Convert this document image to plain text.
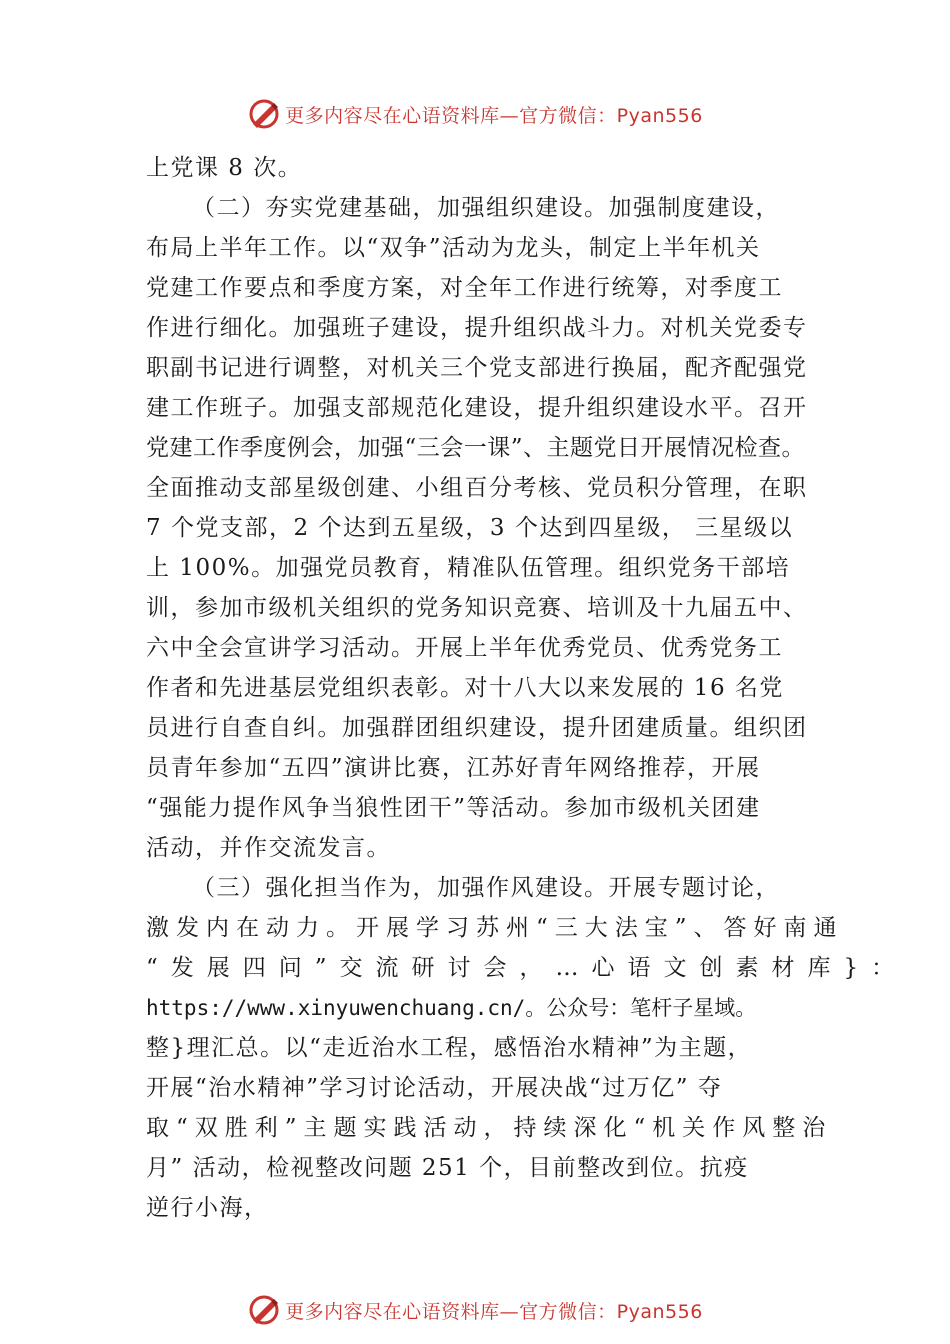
更多内容尽在心语资料库—官方微信：Pyan556
上党课 8 次。
（二）夯实党建基础，加强组织建设。加强制度建设，
布局上半年工作。以“双争”活动为龙头，制定上半年机关
党建工作要点和季度方案，对全年工作进行统筹，对季度工
作进行细化。加强班子建设，提升组织战斗力。对机关党委专
职副书记进行调整，对机关三个党支部进行换届，配齐配强党
建工作班子。加强支部规范化建设，提升组织建设水平。召开
党建工作季度例会，加强“三会一课”、主题党日开展情况检查。
全面推动支部星级创建、小组百分考核、党员积分管理，在职
7 个党支部，2 个达到五星级，3 个达到四星级， 三星级以
上 100%。加强党员教育，精准队伍管理。组织党务干部培
训，参加市级机关组织的党务知识竞赛、培训及十九届五中、
六中全会宣讲学习活动。开展上半年优秀党员、优秀党务工
作者和先进基层党组织表彰。对十八大以来发展的 16 名党
员进行自查自纠。加强群团组织建设，提升团建质量。组织团
员青年参加“五四”演讲比赛，江苏好青年网络推荐，开展
“强能力提作风争当狼性团干”等活动。参加市级机关团建
活动，并作交流发言。
（三）强化担当作为，加强作风建设。开展专题讨论，
激发内在动力。开展学习苏州“三大法宝”、答好南通
“发展四问”交流研讨会，…心语文创素材库}：
https://www.xinyuwenchuang.cn/。公众号：笔杆子星域。
整}理汇总。以“走近治水工程，感悟治水精神”为主题，
开展“治水精神”学习讨论活动，开展决战“过万亿” 夺
取“双胜利”主题实践活动，持续深化“机关作风整治
月” 活动，检视整改问题 251 个，目前整改到位。抗疫
逆行小海，
更多内容尽在心语资料库—官方微信：Pyan556
